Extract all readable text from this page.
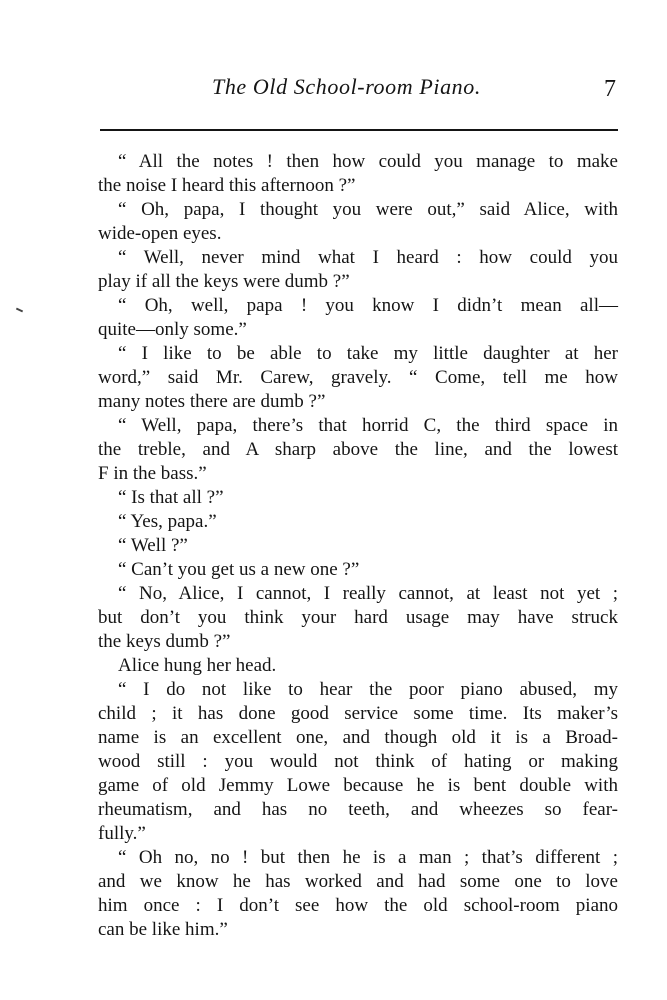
The Old School-room Piano.	7
“ All the notes ! then how could you manage to make
the noise I heard this afternoon ?”
“ Oh, papa, I thought you were out,” said Alice, with
wide-open eyes.
“ Well, never mind what I heard : how could you
play if all the keys were dumb ?”
“ Oh, well, papa ! you know I didn’t mean all—
quite—only some.”
“ I like to be able to take my little daughter at her
word,” said Mr. Carew, gravely. “ Come, tell me how
many notes there are dumb ?”
“ Well, papa, there’s that horrid C, the third space in
the treble, and A sharp above the line, and the lowest
F in the bass.”
“ Is that all ?”
“ Yes, papa.”
“ Well ?”
“ Can’t you get us a new one ?”
“ No, Alice, I cannot, I really cannot, at least not yet ;
but don’t you think your hard usage may have struck
the keys dumb ?”
Alice hung her head.
“ I do not like to hear the poor piano abused, my
child ; it has done good service some time. Its maker’s
name is an excellent one, and though old it is a Broad-
wood still : you would not think of hating or making
game of old Jemmy Lowe because he is bent double with
rheumatism, and has no teeth, and wheezes so fear-
fully.”
“ Oh no, no ! but then he is a man ; that’s different ;
and we know he has worked and had some one to love
him once : I don’t see how the old school-room piano
can be like him.”
